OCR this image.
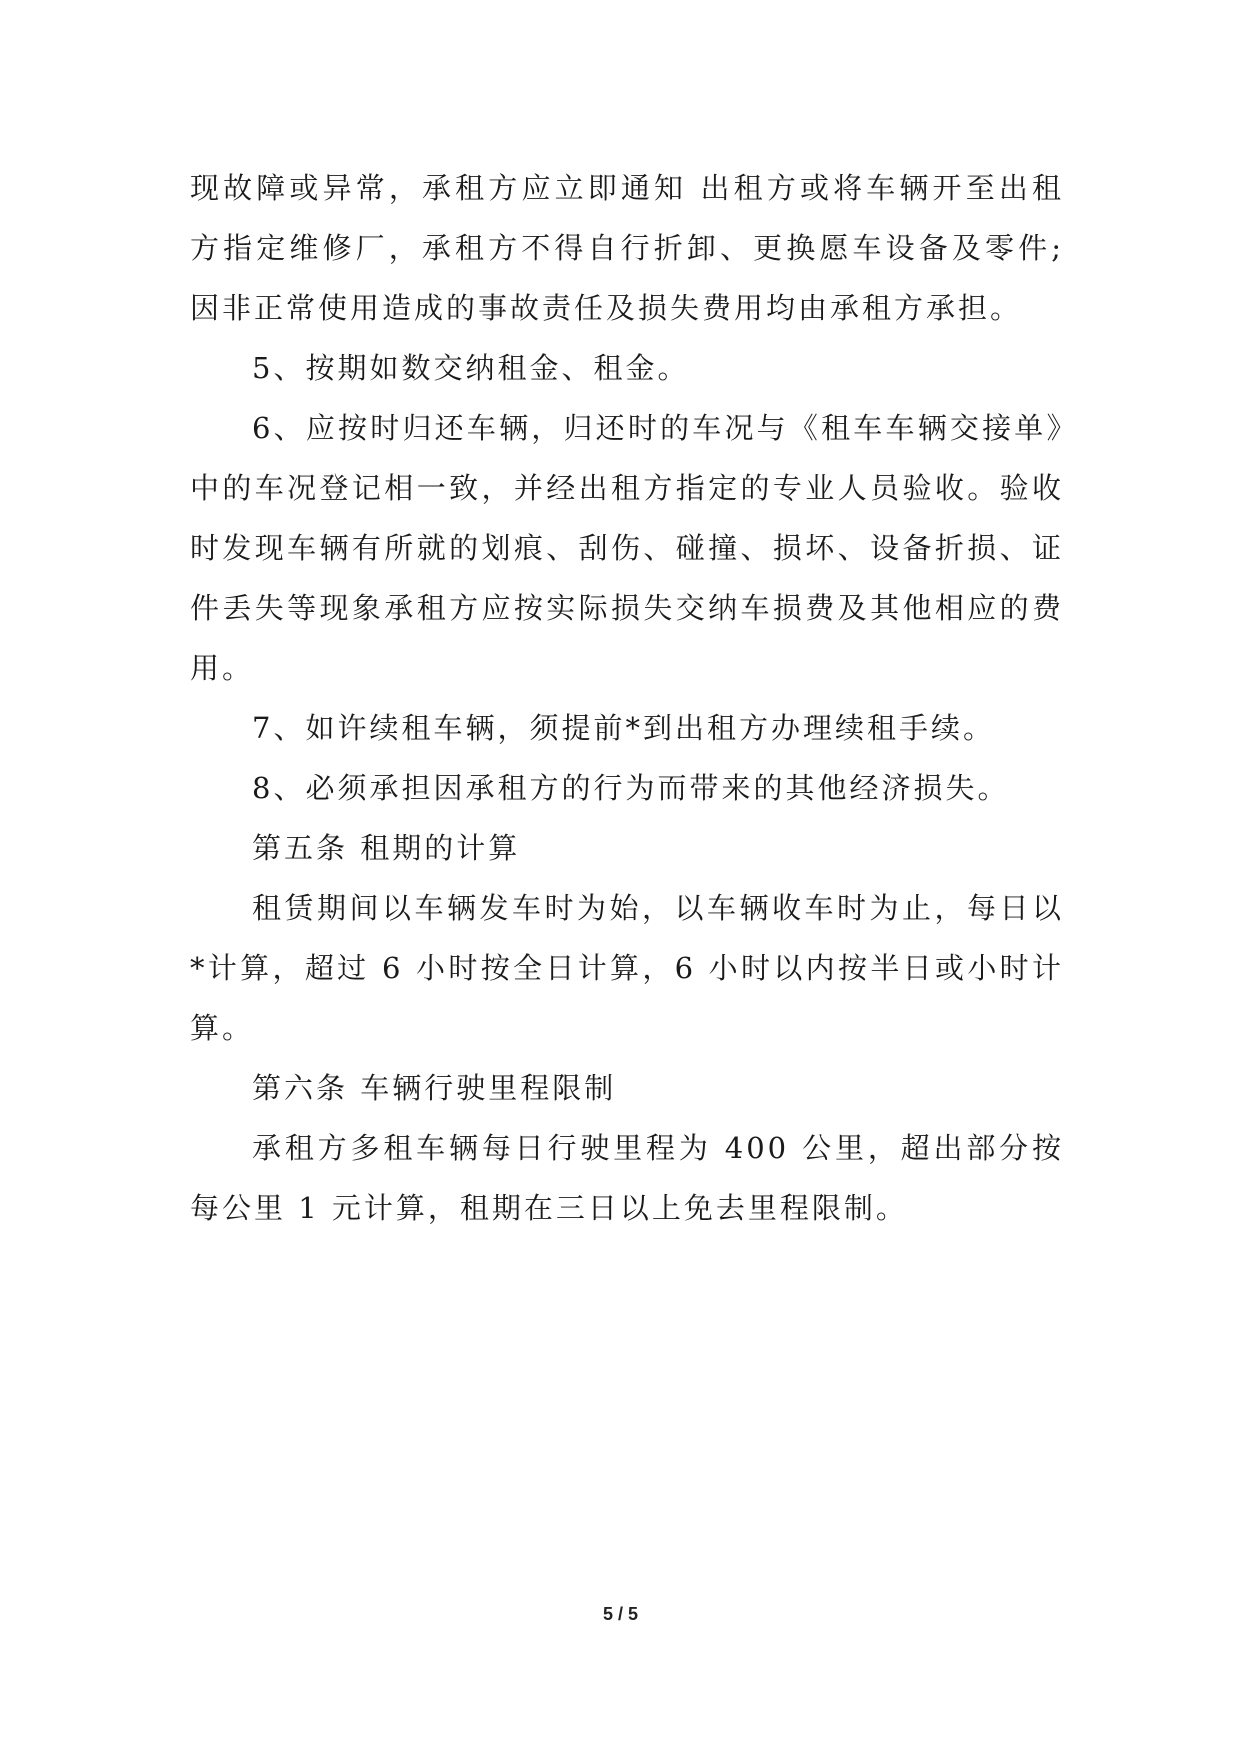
现故障或异常，承租方应立即通知 出租方或将车辆开至出租方指定维修厂，承租方不得自行折卸、更换愿车设备及零件;因非正常使用造成的事故责任及损失费用均由承租方承担。

5、按期如数交纳租金、租金。

6、应按时归还车辆，归还时的车况与《租车车辆交接单》中的车况登记相一致，并经出租方指定的专业人员验收。验收时发现车辆有所就的划痕、刮伤、碰撞、损坏、设备折损、证件丢失等现象承租方应按实际损失交纳车损费及其他相应的费用。

7、如许续租车辆，须提前*到出租方办理续租手续。

8、必须承担因承租方的行为而带来的其他经济损失。

第五条 租期的计算

租赁期间以车辆发车时为始，以车辆收车时为止，每日以*计算，超过 6 小时按全日计算，6 小时以内按半日或小时计算。

第六条 车辆行驶里程限制

承租方多租车辆每日行驶里程为 400 公里，超出部分按每公里 1 元计算，租期在三日以上免去里程限制。

5 / 5
